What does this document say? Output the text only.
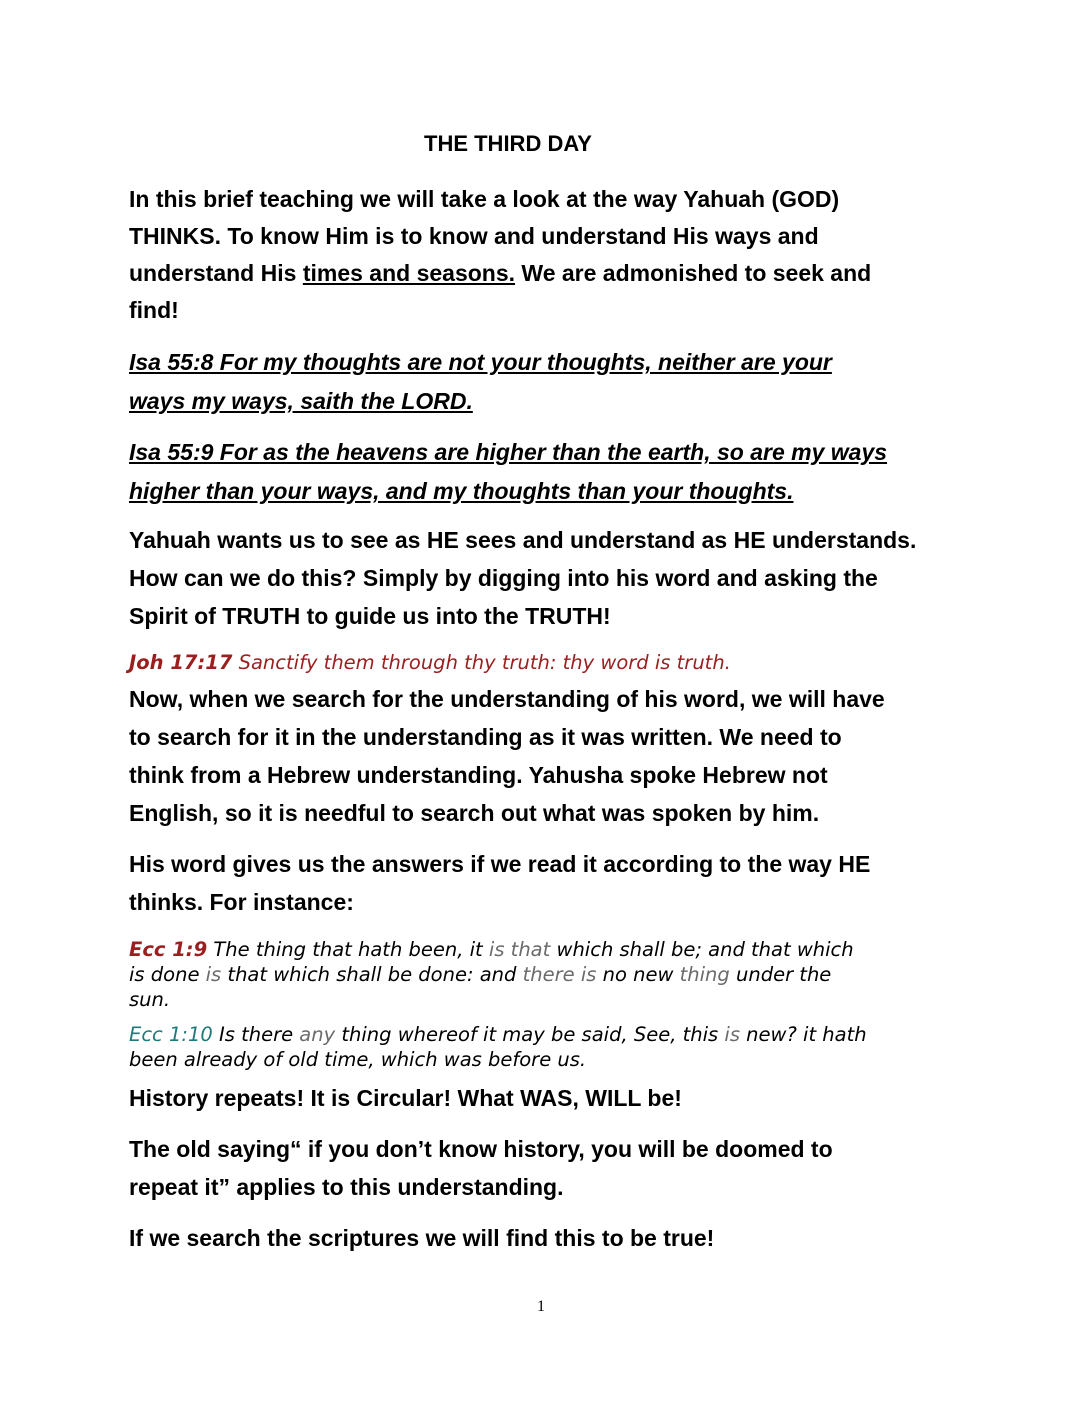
THE THIRD DAY
In this brief teaching we will take a look at the way Yahuah (GOD)
THINKS. To know Him is to know and understand His ways and
understand His times and seasons. We are admonished to seek and
find!
Isa 55:8 For my thoughts are not your thoughts, neither are your
ways my ways, saith the LORD.
Isa 55:9 For as the heavens are higher than the earth, so are my ways
higher than your ways, and my thoughts than your thoughts.
Yahuah wants us to see as HE sees and understand as HE understands.
How can we do this? Simply by digging into his word and asking the
Spirit of TRUTH to guide us into the TRUTH!
Joh 17:17 Sanctify them through thy truth: thy word is truth.
Now, when we search for the understanding of his word, we will have
to search for it in the understanding as it was written. We need to
think from a Hebrew understanding. Yahusha spoke Hebrew not
English, so it is needful to search out what was spoken by him.
His word gives us the answers if we read it according to the way HE
thinks. For instance:
Ecc 1:9 The thing that hath been, it is that which shall be; and that which
is done is that which shall be done: and there is no new thing under the
sun.
Ecc 1:10 Is there any thing whereof it may be said, See, this is new? it hath
been already of old time, which was before us.
History repeats! It is Circular! What WAS, WILL be!
The old saying“ if you don’t know history, you will be doomed to
repeat it” applies to this understanding.
If we search the scriptures we will find this to be true!
1
